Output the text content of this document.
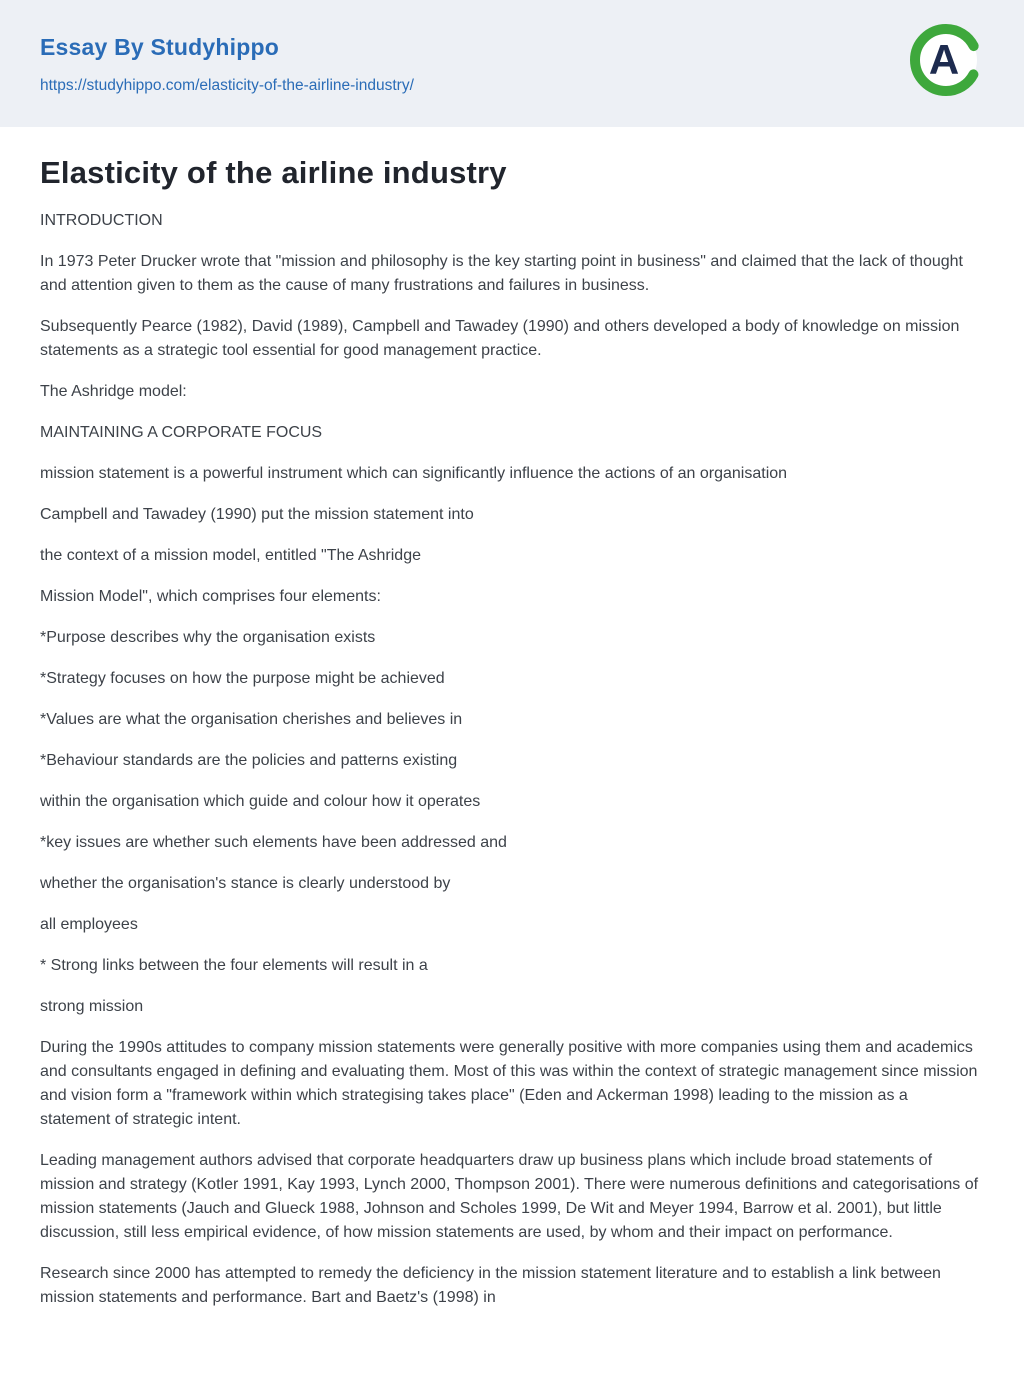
Essay By Studyhippo
https://studyhippo.com/elasticity-of-the-airline-industry/
A
Elasticity of the airline industry

INTRODUCTION

In 1973 Peter Drucker wrote that "mission and philosophy is the key starting point in business" and claimed that the lack of thought and attention given to them as the cause of many frustrations and failures in business.

Subsequently Pearce (1982), David (1989), Campbell and Tawadey (1990) and others developed a body of knowledge on mission statements as a strategic tool essential for good management practice.

The Ashridge model:

MAINTAINING A CORPORATE FOCUS

mission statement is a powerful instrument which can significantly influence the actions of an organisation

Campbell and Tawadey (1990) put the mission statement into

the context of a mission model, entitled "The Ashridge

Mission Model", which comprises four elements:

*Purpose describes why the organisation exists

*Strategy focuses on how the purpose might be achieved

*Values are what the organisation cherishes and believes in

*Behaviour standards are the policies and patterns existing

within the organisation which guide and colour how it operates

*key issues are whether such elements have been addressed and

whether the organisation's stance is clearly understood by

all employees

* Strong links between the four elements will result in a

strong mission

During the 1990s attitudes to company mission statements were generally positive with more companies using them and academics and consultants engaged in defining and evaluating them. Most of this was within the context of strategic management since mission and vision form a "framework within which strategising takes place" (Eden and Ackerman 1998) leading to the mission as a statement of strategic intent.

Leading management authors advised that corporate headquarters draw up business plans which include broad statements of mission and strategy (Kotler 1991, Kay 1993, Lynch 2000, Thompson 2001). There were numerous definitions and categorisations of mission statements (Jauch and Glueck 1988, Johnson and Scholes 1999, De Wit and Meyer 1994, Barrow et al. 2001), but little discussion, still less empirical evidence, of how mission statements are used, by whom and their impact on performance.

Research since 2000 has attempted to remedy the deficiency in the mission statement literature and to establish a link between mission statements and performance. Bart and Baetz's (1998) in
